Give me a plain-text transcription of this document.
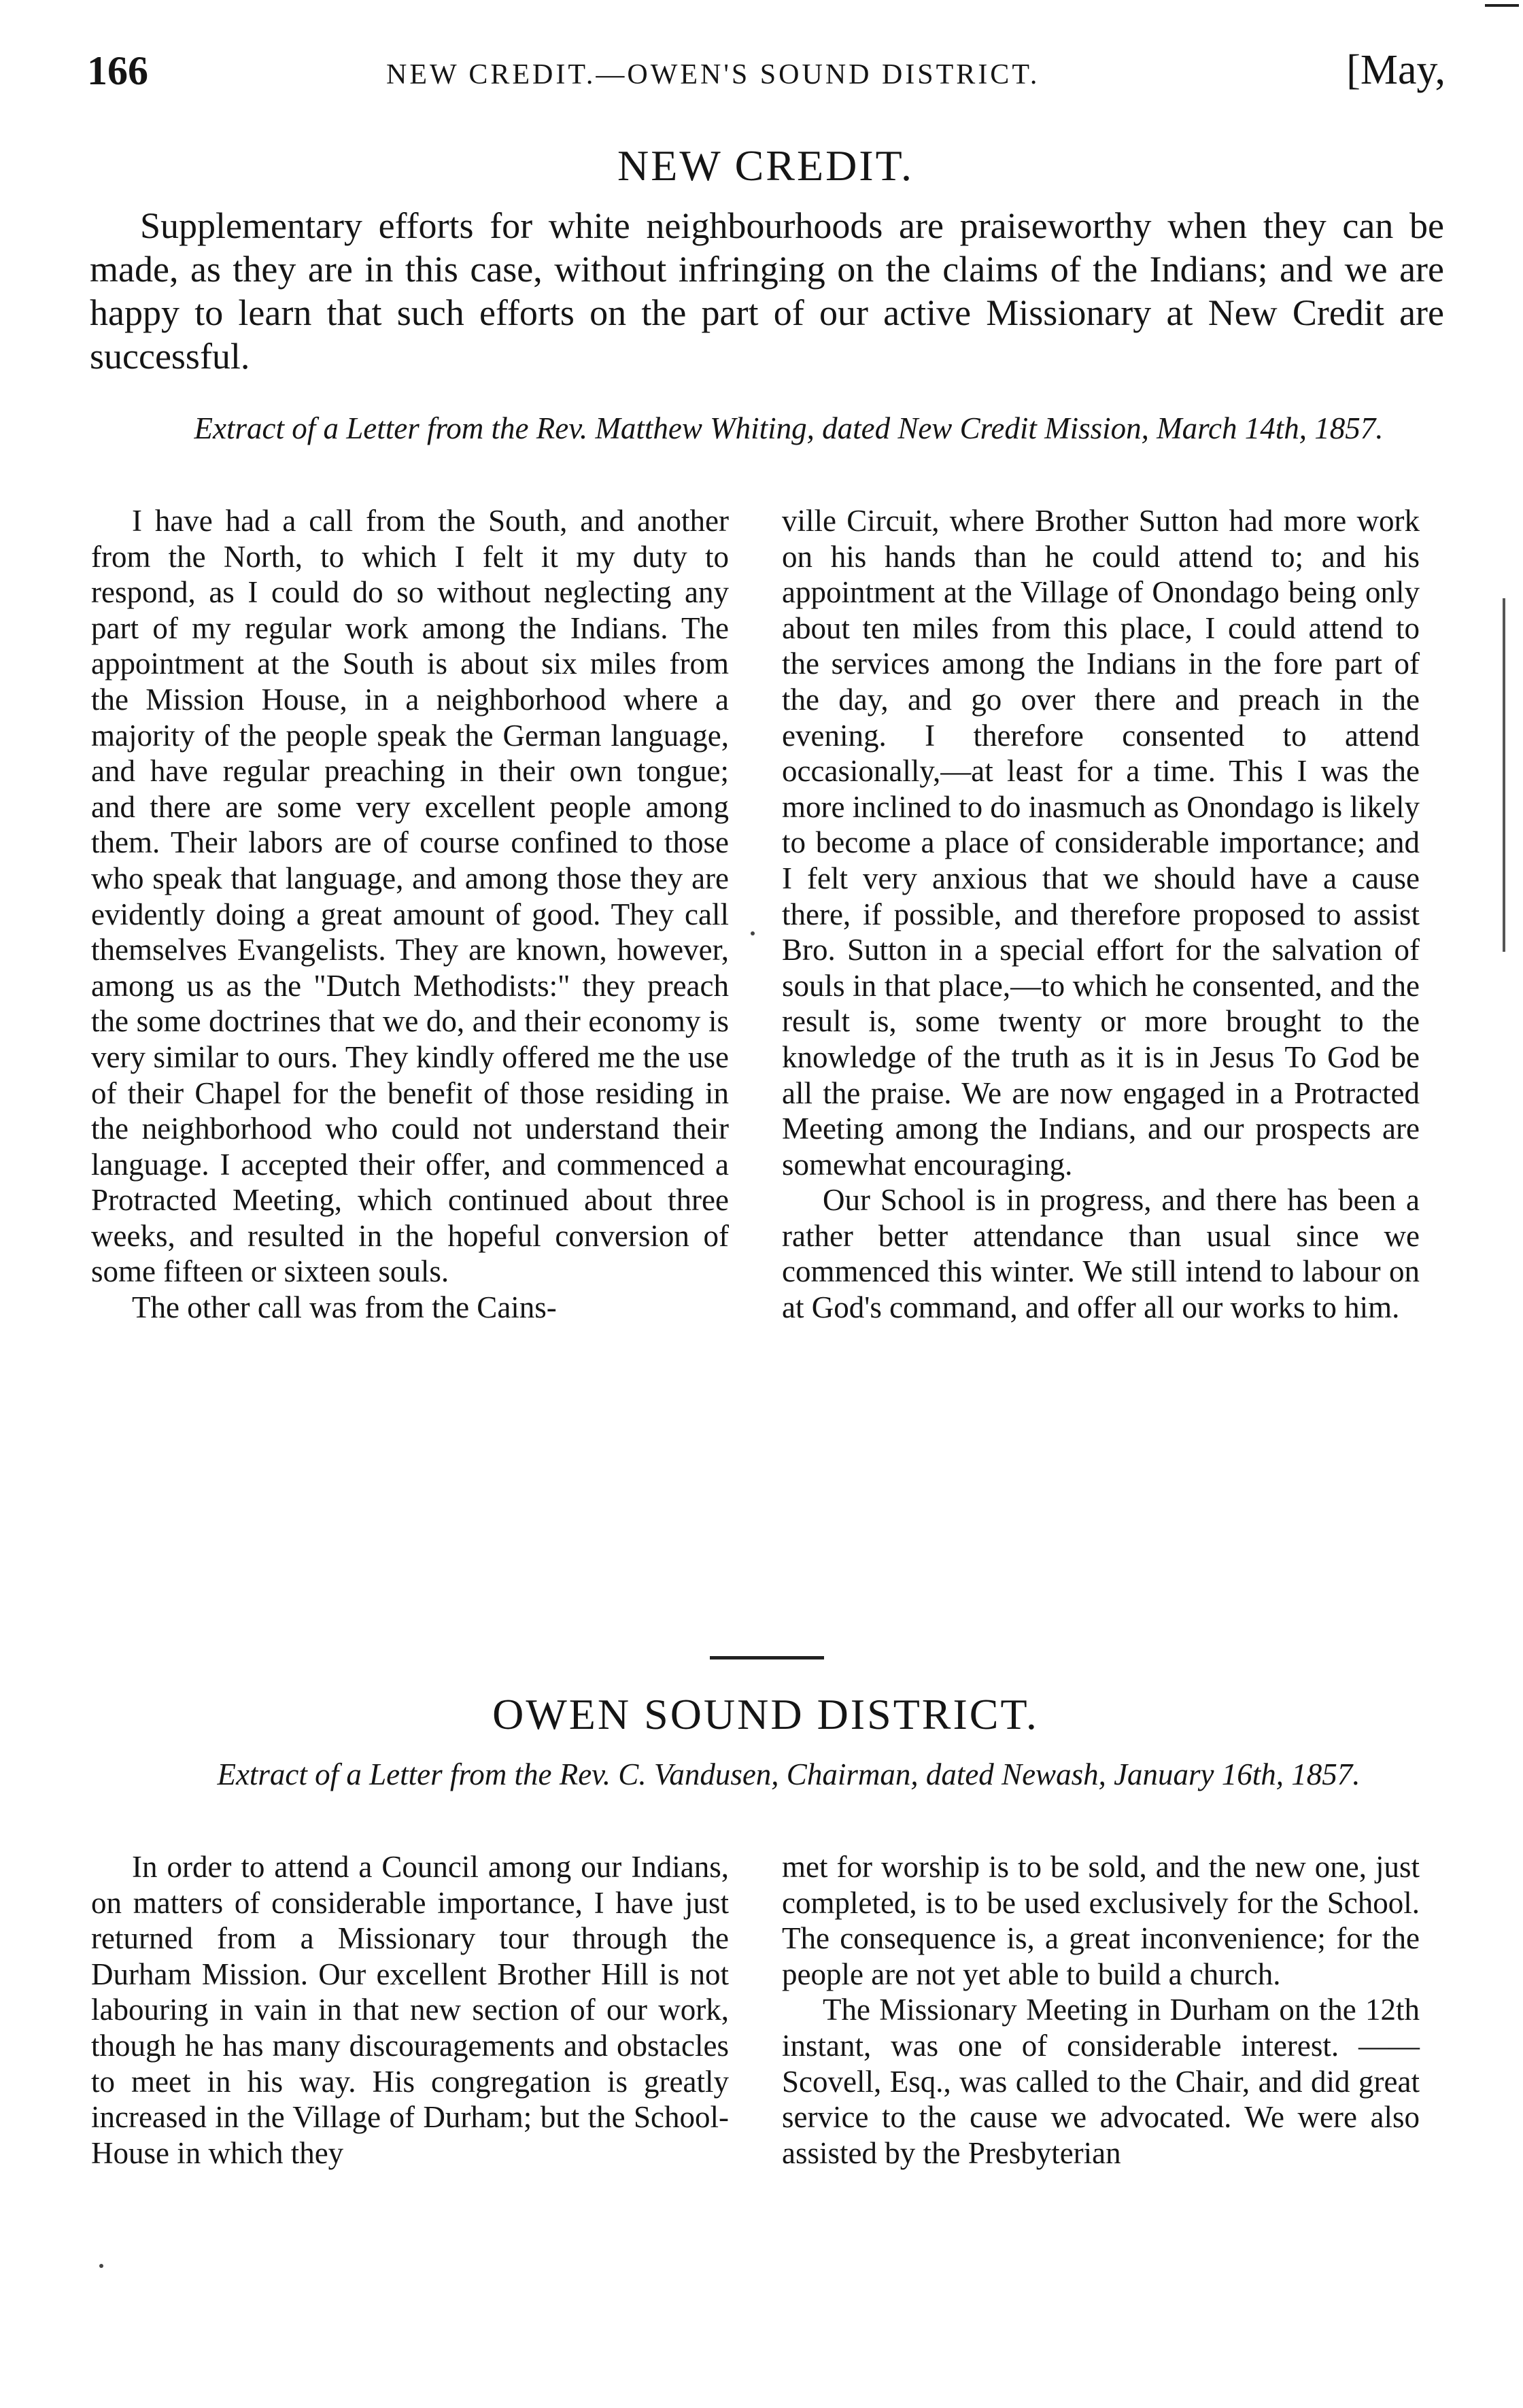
166	NEW CREDIT.—OWEN'S SOUND DISTRICT.	[May,
NEW CREDIT.

Supplementary efforts for white neighbourhoods are praiseworthy when they can be made, as they are in this case, without infringing on the claims of the Indians; and we are happy to learn that such efforts on the part of our active Missionary at New Credit are successful.

Extract of a Letter from the Rev. Matthew Whiting, dated New Credit Mission, March 14th, 1857.

I have had a call from the South, and another from the North, to which I felt it my duty to respond, as I could do so without neglecting any part of my regular work among the Indians. The appointment at the South is about six miles from the Mission House, in a neighborhood where a majority of the people speak the German language, and have regular preaching in their own tongue; and there are some very excellent people among them. Their labors are of course confined to those who speak that language, and among those they are evidently doing a great amount of good. They call themselves Evangelists. They are known, however, among us as the "Dutch Methodists:" they preach the some doctrines that we do, and their economy is very similar to ours. They kindly offered me the use of their Chapel for the benefit of those residing in the neighborhood who could not understand their language. I accepted their offer, and commenced a Protracted Meeting, which continued about three weeks, and resulted in the hopeful conversion of some fifteen or sixteen souls.

The other call was from the Cains-

ville Circuit, where Brother Sutton had more work on his hands than he could attend to; and his appointment at the Village of Onondago being only about ten miles from this place, I could attend to the services among the Indians in the fore part of the day, and go over there and preach in the evening. I therefore consented to attend occasionally,—at least for a time. This I was the more inclined to do inasmuch as Onondago is likely to become a place of considerable importance; and I felt very anxious that we should have a cause there, if possible, and therefore proposed to assist Bro. Sutton in a special effort for the salvation of souls in that place,—to which he consented, and the result is, some twenty or more brought to the knowledge of the truth as it is in Jesus To God be all the praise. We are now engaged in a Protracted Meeting among the Indians, and our prospects are somewhat encouraging.

Our School is in progress, and there has been a rather better attendance than usual since we commenced this winter. We still intend to labour on at God's command, and offer all our works to him.

OWEN SOUND DISTRICT.

Extract of a Letter from the Rev. C. Vandusen, Chairman, dated Newash, January 16th, 1857.

In order to attend a Council among our Indians, on matters of considerable importance, I have just returned from a Missionary tour through the Durham Mission. Our excellent Brother Hill is not labouring in vain in that new section of our work, though he has many discouragements and obstacles to meet in his way. His congregation is greatly increased in the Village of Durham; but the School-House in which they

met for worship is to be sold, and the new one, just completed, is to be used exclusively for the School. The consequence is, a great inconvenience; for the people are not yet able to build a church.

The Missionary Meeting in Durham on the 12th instant, was one of considerable interest. ——Scovell, Esq., was called to the Chair, and did great service to the cause we advocated. We were also assisted by the Presbyterian
